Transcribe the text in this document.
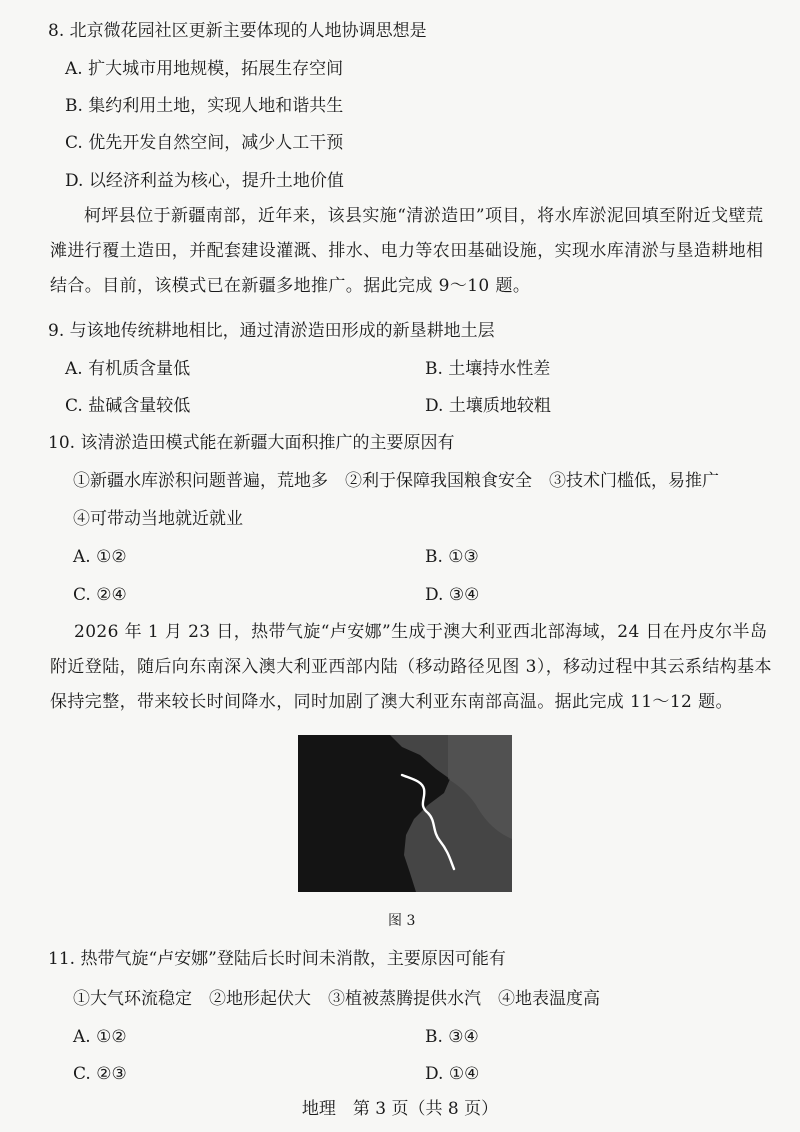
8. 北京微花园社区更新主要体现的人地协调思想是
A. 扩大城市用地规模，拓展生存空间
B. 集约利用土地，实现人地和谐共生
C. 优先开发自然空间，减少人工干预
D. 以经济利益为核心，提升土地价值
柯坪县位于新疆南部，近年来，该县实施“清淤造田”项目，将水库淤泥回填至附近戈壁荒滩进行覆土造田，并配套建设灌溉、排水、电力等农田基础设施，实现水库清淤与垦造耕地相结合。目前，该模式已在新疆多地推广。据此完成 9～10 题。
9. 与该地传统耕地相比，通过清淤造田形成的新垦耕地土层
A. 有机质含量低	B. 土壤持水性差
C. 盐碱含量较低	D. 土壤质地较粗
10. 该清淤造田模式能在新疆大面积推广的主要原因有
①新疆水库淤积问题普遍，荒地多　②利于保障我国粮食安全　③技术门槛低，易推广
④可带动当地就近就业
A. ①②	B. ①③
C. ②④	D. ③④
2026 年 1 月 23 日，热带气旋“卢安娜”生成于澳大利亚西北部海域，24 日在丹皮尔半岛附近登陆，随后向东南深入澳大利亚西部内陆（移动路径见图 3），移动过程中其云系结构基本保持完整，带来较长时间降水，同时加剧了澳大利亚东南部高温。据此完成 11～12 题。
图 3
11. 热带气旋“卢安娜”登陆后长时间未消散，主要原因可能有
①大气环流稳定　②地形起伏大　③植被蒸腾提供水汽　④地表温度高
A. ①②	B. ③④
C. ②③	D. ①④
地理　第 3 页（共 8 页）
